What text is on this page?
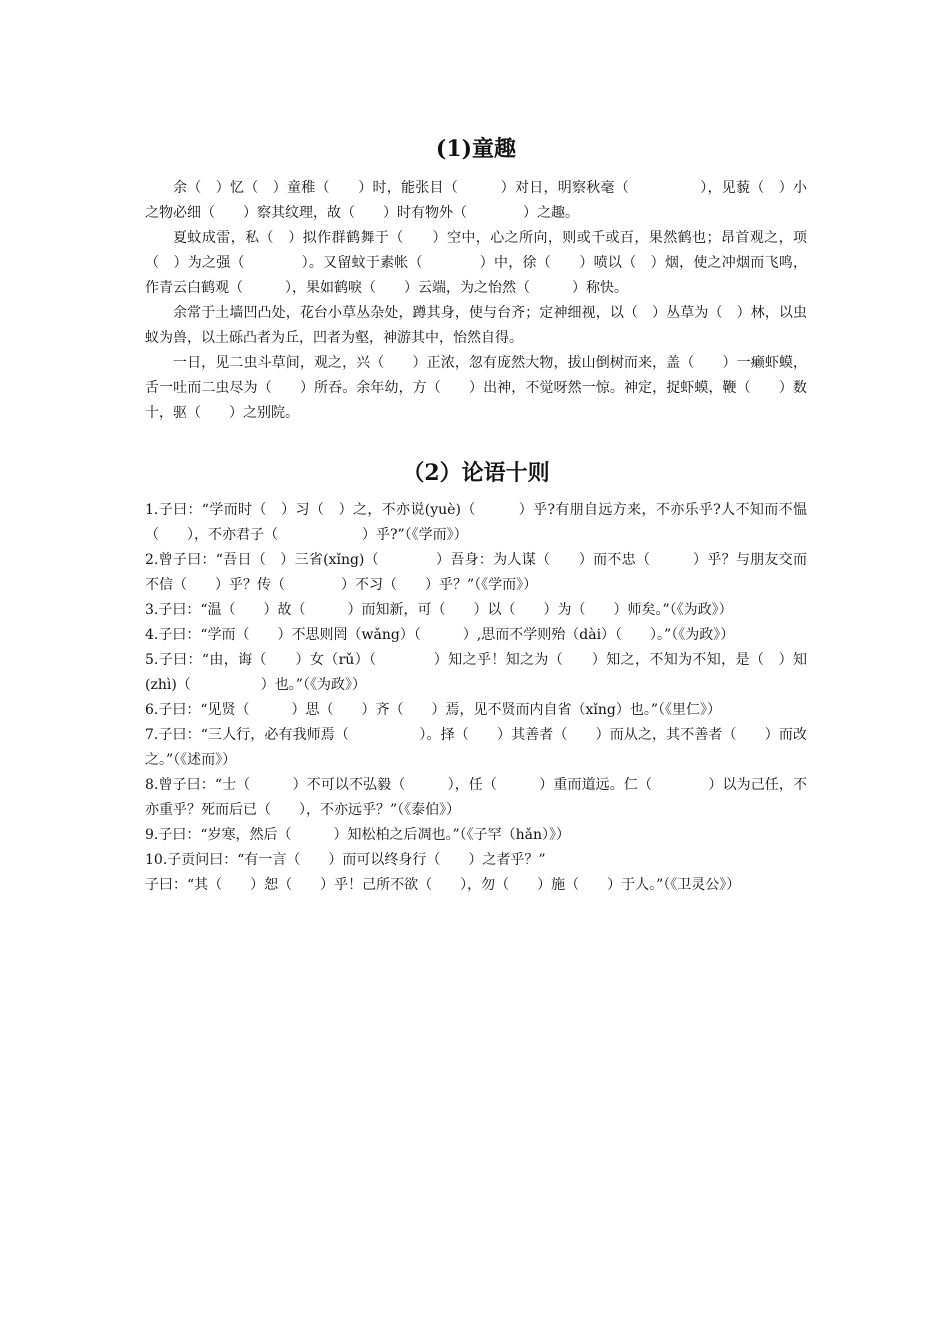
(1)童趣

余（　）忆（　）童稚（　　）时，能张目（　　　）对日，明察秋毫（　　　　　），见藐（　）小之物必细（　　）察其纹理，故（　　）时有物外（　　　　）之趣。

夏蚊成雷，私（　）拟作群鹤舞于（　　）空中，心之所向，则或千或百，果然鹤也；昂首观之，项（　）为之强（　　　　）。又留蚊于素帐（　　　　）中，徐（　　）喷以（　）烟，使之冲烟而飞鸣，作青云白鹤观（　　　），果如鹤唳（　　）云端，为之怡然（　　　）称快。

余常于土墙凹凸处，花台小草丛杂处，蹲其身，使与台齐；定神细视，以（　）丛草为（　）林，以虫蚁为兽，以土砾凸者为丘，凹者为壑，神游其中，怡然自得。

一日，见二虫斗草间，观之，兴（　　）正浓，忽有庞然大物，拔山倒树而来，盖（　　）一癞虾蟆，舌一吐而二虫尽为（　　）所吞。余年幼，方（　　）出神，不觉呀然一惊。神定，捉虾蟆，鞭（　　）数十，驱（　　）之别院。

（2）论语十则

1.子曰：“学而时（　）习（　）之，不亦说(yuè)（　　　）乎?有朋自远方来，不亦乐乎?人不知而不愠（　　），不亦君子（　　　　　　）乎?”（《学而》）

2.曾子曰：“吾日（　）三省(xǐng)（　　　　）吾身：为人谋（　　）而不忠（　　　）乎？与朋友交而不信（　　）乎？传（　　　　）不习（　　）乎？”（《学而》）

3.子曰：“温（　　）故（　　　）而知新，可（　　）以（　　）为（　　）师矣。”（《为政》）

4.子曰：“学而（　　）不思则罔（wǎng）（　　　）,思而不学则殆（dài）（　　）。”（《为政》）

5.子曰：“由，诲（　　）女（rǔ）（　　　　）知之乎！知之为（　　）知之，不知为不知，是（　）知(zhì)（　　　　　）也。”（《为政》）

6.子曰：“见贤（　　　）思（　　）齐（　　）焉，见不贤而内自省（xǐng）也。”（《里仁》）

7.子曰：“三人行，必有我师焉（　　　　　）。择（　　）其善者（　　）而从之，其不善者（　　）而改之。”（《述而》）

8.曾子曰：“士（　　　）不可以不弘毅（　　　），任（　　　）重而道远。仁（　　　　）以为己任，不亦重乎？死而后已（　　），不亦远乎？”（《泰伯》）

9.子曰：“岁寒，然后（　　　）知松柏之后凋也。”（《子罕（hǎn）》）

10.子贡问曰：“有一言（　　）而可以终身行（　　）之者乎？”

子曰：“其（　　）恕（　　）乎！己所不欲（　　），勿（　　）施（　　）于人。”（《卫灵公》）
